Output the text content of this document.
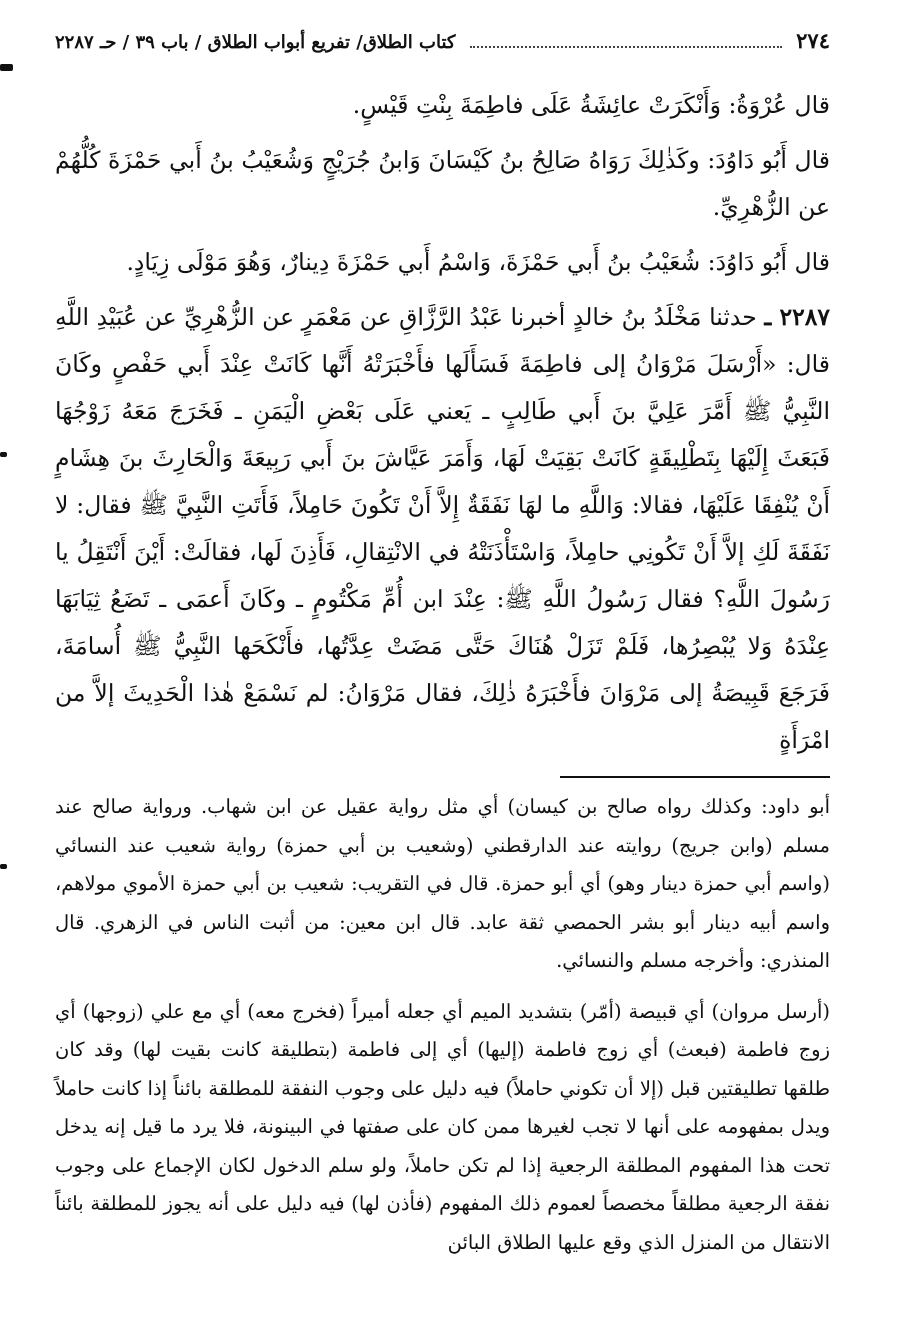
٢٧٤
كتاب الطلاق/ تفريع أبواب الطلاق / باب ٣٩ / حـ ٢٢٨٧

قال عُرْوَةُ: وَأَنْكَرَتْ عائِشَةُ عَلَى فاطِمَةَ بِنْتِ قَيْسٍ.

قال أَبُو دَاوُدَ: وكَذٰلِكَ رَوَاهُ صَالِحُ بنُ كَيْسَانَ وَابنُ جُرَيْجٍ وَشُعَيْبُ بنُ أَبي حَمْزَةَ كُلُّهُمْ عن الزُّهْرِيِّ.

قال أَبُو دَاوُدَ: شُعَيْبُ بنُ أَبي حَمْزَةَ، وَاسْمُ أَبي حَمْزَةَ دِينارٌ، وَهُوَ مَوْلَى زِيَادٍ.

٢٢٨٧ ـ حدثنا مَخْلَدُ بنُ خالدٍ أخبرنا عَبْدُ الرَّزَّاقِ عن مَعْمَرٍ عن الزُّهْرِيِّ عن عُبَيْدِ اللَّهِ قال: «أَرْسَلَ مَرْوَانُ إلى فاطِمَةَ فَسَأَلَها فأَخْبَرَتْهُ أَنَّها كَانَتْ عِنْدَ أَبي حَفْصٍ وكَانَ النَّبِيُّ ﷺ أَمَّرَ عَلِيَّ بنَ أَبي طَالِبٍ ـ يَعني عَلَى بَعْضِ الْيَمَنِ ـ فَخَرَجَ مَعَهُ زَوْجُهَا فَبَعَثَ إِلَيْهَا بِتَطْلِيقَةٍ كَانَتْ بَقِيَتْ لَهَا، وَأَمَرَ عَيَّاشَ بنَ أَبي رَبِيعَةَ وَالْحَارِثَ بنَ هِشَامٍ أَنْ يُنْفِقَا عَلَيْهَا، فقالا: وَاللَّهِ ما لهَا نَفَقَةٌ إِلاَّ أَنْ تَكُونَ حَامِلاً، فَأَتَتِ النَّبِيَّ ﷺ فقال: لا نَفَقَةَ لَكِ إلاَّ أَنْ تَكُونِي حامِلاً، وَاسْتَأْذَنَتْهُ في الانْتِقالِ، فَأَذِنَ لَها، فقالَتْ: أَيْنَ أَنْتَقِلُ يا رَسُولَ اللَّهِ؟ فقال رَسُولُ اللَّهِ ﷺ: عِنْدَ ابن أُمِّ مَكْتُومٍ ـ وكَانَ أَعمَى ـ تَضَعُ ثِيَابَهَا عِنْدَهُ وَلا يُبْصِرُها، فَلَمْ تَزَلْ هُنَاكَ حَتَّى مَضَتْ عِدَّتُها، فأَنْكَحَها النَّبِيُّ ﷺ أُسامَةَ، فَرَجَعَ قَبِيصَةُ إلى مَرْوَانَ فأَخْبَرَهُ ذٰلِكَ، فقال مَرْوَانُ: لم نَسْمَعْ هٰذا الْحَدِيثَ إلاَّ من امْرَأَةٍ

أبو داود: وكذلك رواه صالح بن كيسان) أي مثل رواية عقيل عن ابن شهاب. ورواية صالح عند مسلم (وابن جريج) روايته عند الدارقطني (وشعيب بن أبي حمزة) رواية شعيب عند النسائي (واسم أبي حمزة دينار وهو) أي أبو حمزة. قال في التقريب: شعيب بن أبي حمزة الأموي مولاهم، واسم أبيه دينار أبو بشر الحمصي ثقة عابد. قال ابن معين: من أثبت الناس في الزهري. قال المنذري: وأخرجه مسلم والنسائي.

(أرسل مروان) أي قبيصة (أمّر) بتشديد الميم أي جعله أميراً (فخرج معه) أي مع علي (زوجها) أي زوج فاطمة (فبعث) أي زوج فاطمة (إليها) أي إلى فاطمة (بتطليقة كانت بقيت لها) وقد كان طلقها تطليقتين قبل (إلا أن تكوني حاملاً) فيه دليل على وجوب النفقة للمطلقة بائناً إذا كانت حاملاً ويدل بمفهومه على أنها لا تجب لغيرها ممن كان على صفتها في البينونة، فلا يرد ما قيل إنه يدخل تحت هذا المفهوم المطلقة الرجعية إذا لم تكن حاملاً، ولو سلم الدخول لكان الإجماع على وجوب نفقة الرجعية مطلقاً مخصصاً لعموم ذلك المفهوم (فأذن لها) فيه دليل على أنه يجوز للمطلقة بائناً الانتقال من المنزل الذي وقع عليها الطلاق البائن
